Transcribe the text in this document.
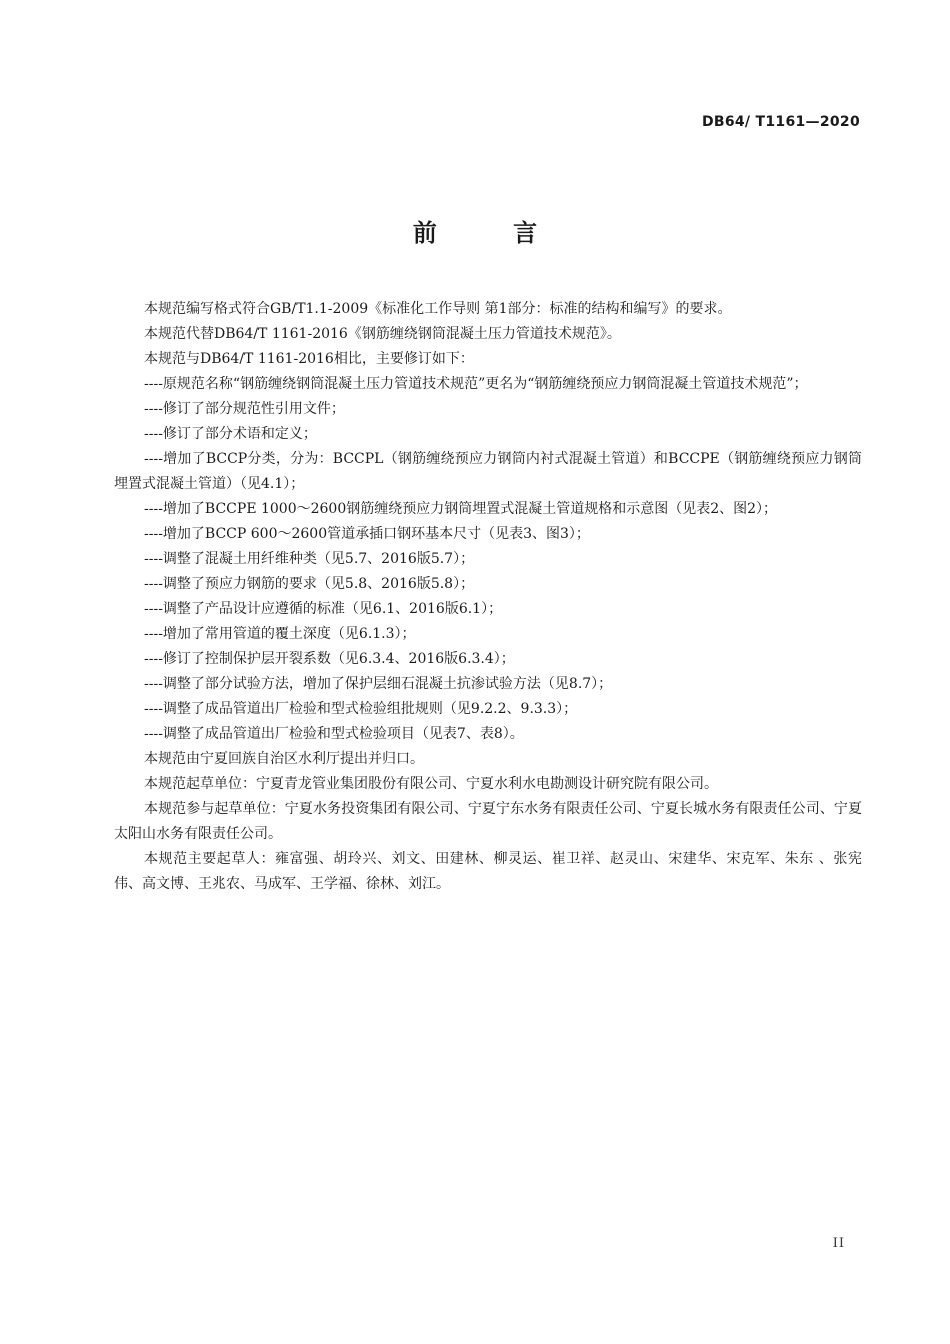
DB64/ T1161—2020
前 言

本规范编写格式符合GB/T1.1-2009《标准化工作导则 第1部分：标准的结构和编写》的要求。

本规范代替DB64/T 1161-2016《钢筋缠绕钢筒混凝土压力管道技术规范》。

本规范与DB64/T 1161-2016相比，主要修订如下：

----原规范名称“钢筋缠绕钢筒混凝土压力管道技术规范”更名为“钢筋缠绕预应力钢筒混凝土管道技术规范”；

----修订了部分规范性引用文件；

----修订了部分术语和定义；

----增加了BCCP分类，分为：BCCPL（钢筋缠绕预应力钢筒内衬式混凝土管道）和BCCPE（钢筋缠绕预应力钢筒埋置式混凝土管道）（见4.1）；

----增加了BCCPE 1000～2600钢筋缠绕预应力钢筒埋置式混凝土管道规格和示意图（见表2、图2）；

----增加了BCCP 600～2600管道承插口钢环基本尺寸（见表3、图3）；

----调整了混凝土用纤维种类（见5.7、2016版5.7）；

----调整了预应力钢筋的要求（见5.8、2016版5.8）；

----调整了产品设计应遵循的标准（见6.1、2016版6.1）；

----增加了常用管道的覆土深度（见6.1.3）；

----修订了控制保护层开裂系数（见6.3.4、2016版6.3.4）；

----调整了部分试验方法，增加了保护层细石混凝土抗渗试验方法（见8.7）；

----调整了成品管道出厂检验和型式检验组批规则（见9.2.2、9.3.3）；

----调整了成品管道出厂检验和型式检验项目（见表7、表8）。

本规范由宁夏回族自治区水利厅提出并归口。

本规范起草单位：宁夏青龙管业集团股份有限公司、宁夏水利水电勘测设计研究院有限公司。

本规范参与起草单位：宁夏水务投资集团有限公司、宁夏宁东水务有限责任公司、宁夏长城水务有限责任公司、宁夏太阳山水务有限责任公司。

本规范主要起草人：雍富强、胡玲兴、刘文、田建林、柳灵运、崔卫祥、赵灵山、宋建华、宋克军、朱东 、张宪伟、高文博、王兆农、马成军、王学福、徐林、刘江。

II
